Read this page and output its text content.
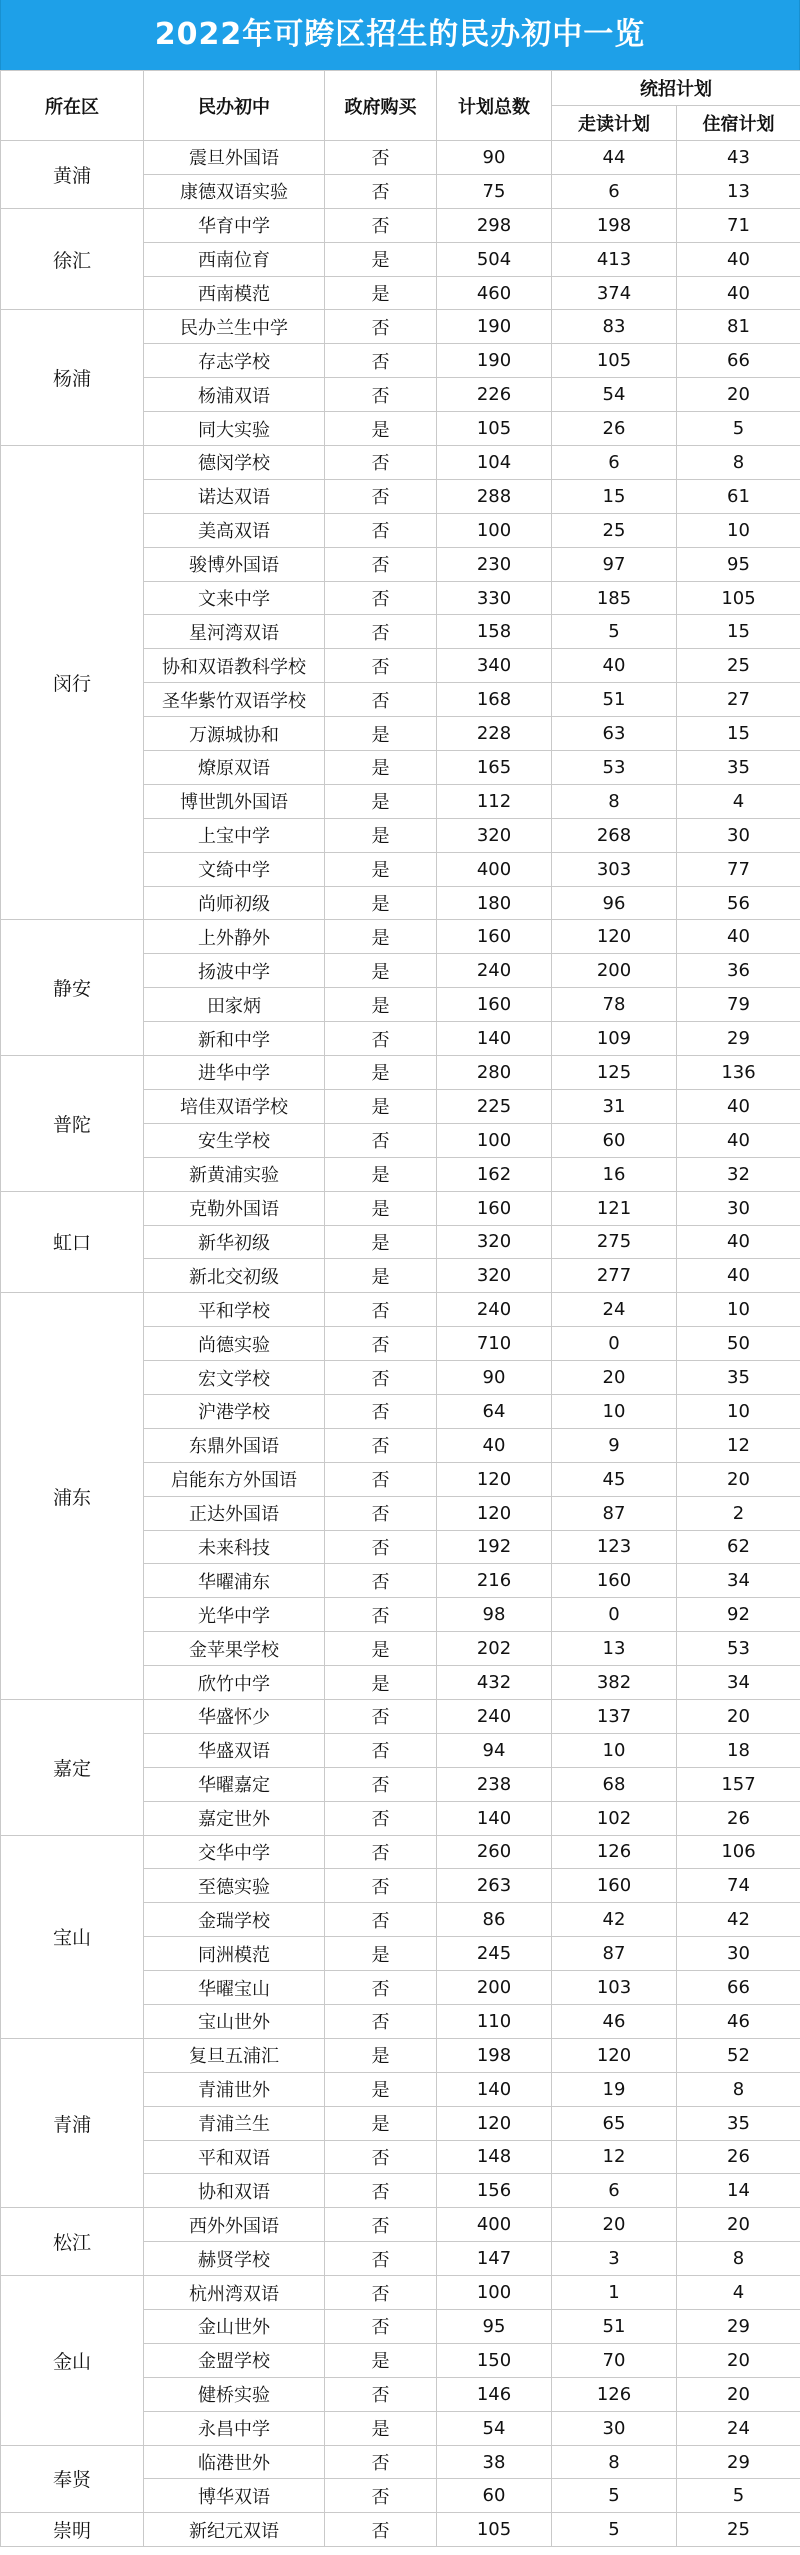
2022年可跨区招生的民办初中一览
所在区	民办初中	政府购买	计划总数	统招计划	
				走读计划	住宿计划
黄浦	震旦外国语	否	90	44	43
	康德双语实验	否	75	6	13
徐汇	华育中学	否	298	198	71
	西南位育	是	504	413	40
	西南模范	是	460	374	40
杨浦	民办兰生中学	否	190	83	81
	存志学校	否	190	105	66
	杨浦双语	否	226	54	20
	同大实验	是	105	26	5
闵行	德闵学校	否	104	6	8
	诺达双语	否	288	15	61
	美高双语	否	100	25	10
	骏博外国语	否	230	97	95
	文来中学	否	330	185	105
	星河湾双语	否	158	5	15
	协和双语教科学校	否	340	40	25
	圣华紫竹双语学校	否	168	51	27
	万源城协和	是	228	63	15
	燎原双语	是	165	53	35
	博世凯外国语	是	112	8	4
	上宝中学	是	320	268	30
	文绮中学	是	400	303	77
	尚师初级	是	180	96	56
静安	上外静外	是	160	120	40
	扬波中学	是	240	200	36
	田家炳	是	160	78	79
	新和中学	否	140	109	29
普陀	进华中学	是	280	125	136
	培佳双语学校	是	225	31	40
	安生学校	否	100	60	40
	新黄浦实验	是	162	16	32
虹口	克勒外国语	是	160	121	30
	新华初级	是	320	275	40
	新北交初级	是	320	277	40
浦东	平和学校	否	240	24	10
	尚德实验	否	710	0	50
	宏文学校	否	90	20	35
	沪港学校	否	64	10	10
	东鼎外国语	否	40	9	12
	启能东方外国语	否	120	45	20
	正达外国语	否	120	87	2
	未来科技	否	192	123	62
	华曜浦东	否	216	160	34
	光华中学	否	98	0	92
	金苹果学校	是	202	13	53
	欣竹中学	是	432	382	34
嘉定	华盛怀少	否	240	137	20
	华盛双语	否	94	10	18
	华曜嘉定	否	238	68	157
	嘉定世外	否	140	102	26
宝山	交华中学	否	260	126	106
	至德实验	否	263	160	74
	金瑞学校	否	86	42	42
	同洲模范	是	245	87	30
	华曜宝山	否	200	103	66
	宝山世外	否	110	46	46
青浦	复旦五浦汇	是	198	120	52
	青浦世外	是	140	19	8
	青浦兰生	是	120	65	35
	平和双语	否	148	12	26
	协和双语	否	156	6	14
松江	西外外国语	否	400	20	20
	赫贤学校	否	147	3	8
金山	杭州湾双语	否	100	1	4
	金山世外	否	95	51	29
	金盟学校	是	150	70	20
	健桥实验	否	146	126	20
	永昌中学	是	54	30	24
奉贤	临港世外	否	38	8	29
	博华双语	否	60	5	5
崇明	新纪元双语	否	105	5	25
